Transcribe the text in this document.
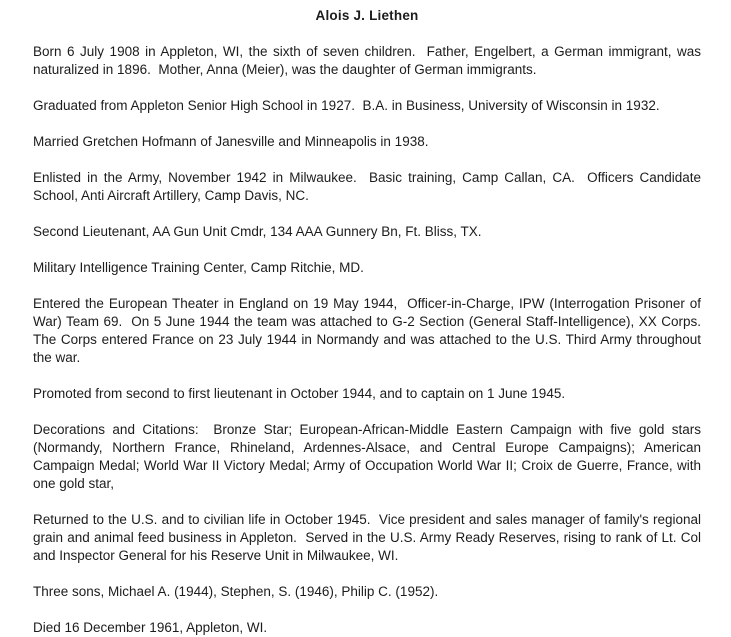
Alois J. Liethen

Born 6 July 1908 in Appleton, WI, the sixth of seven children.  Father, Engelbert, a German immigrant, was naturalized in 1896.  Mother, Anna (Meier), was the daughter of German immigrants.

Graduated from Appleton Senior High School in 1927.  B.A. in Business, University of Wisconsin in 1932.

Married Gretchen Hofmann of Janesville and Minneapolis in 1938.

Enlisted in the Army, November 1942 in Milwaukee.  Basic training, Camp Callan, CA.  Officers Candidate School, Anti Aircraft Artillery, Camp Davis, NC.

Second Lieutenant, AA Gun Unit Cmdr, 134 AAA Gunnery Bn, Ft. Bliss, TX.

Military Intelligence Training Center, Camp Ritchie, MD.

Entered the European Theater in England on 19 May 1944,  Officer-in-Charge, IPW (Interrogation Prisoner of War) Team 69.  On 5 June 1944 the team was attached to G-2 Section (General Staff-Intelligence), XX Corps.  The Corps entered France on 23 July 1944 in Normandy and was attached to the U.S. Third Army throughout the war.

Promoted from second to first lieutenant in October 1944, and to captain on 1 June 1945.

Decorations and Citations:  Bronze Star; European-African-Middle Eastern Campaign with five gold stars (Normandy, Northern France, Rhineland, Ardennes-Alsace, and Central Europe Campaigns); American Campaign Medal; World War II Victory Medal; Army of Occupation World War II; Croix de Guerre, France, with one gold star,

Returned to the U.S. and to civilian life in October 1945.  Vice president and sales manager of family's regional grain and animal feed business in Appleton.  Served in the U.S. Army Ready Reserves, rising to rank of Lt. Col and Inspector General for his Reserve Unit in Milwaukee, WI.

Three sons, Michael A. (1944), Stephen, S. (1946), Philip C. (1952).

Died 16 December 1961, Appleton, WI.
